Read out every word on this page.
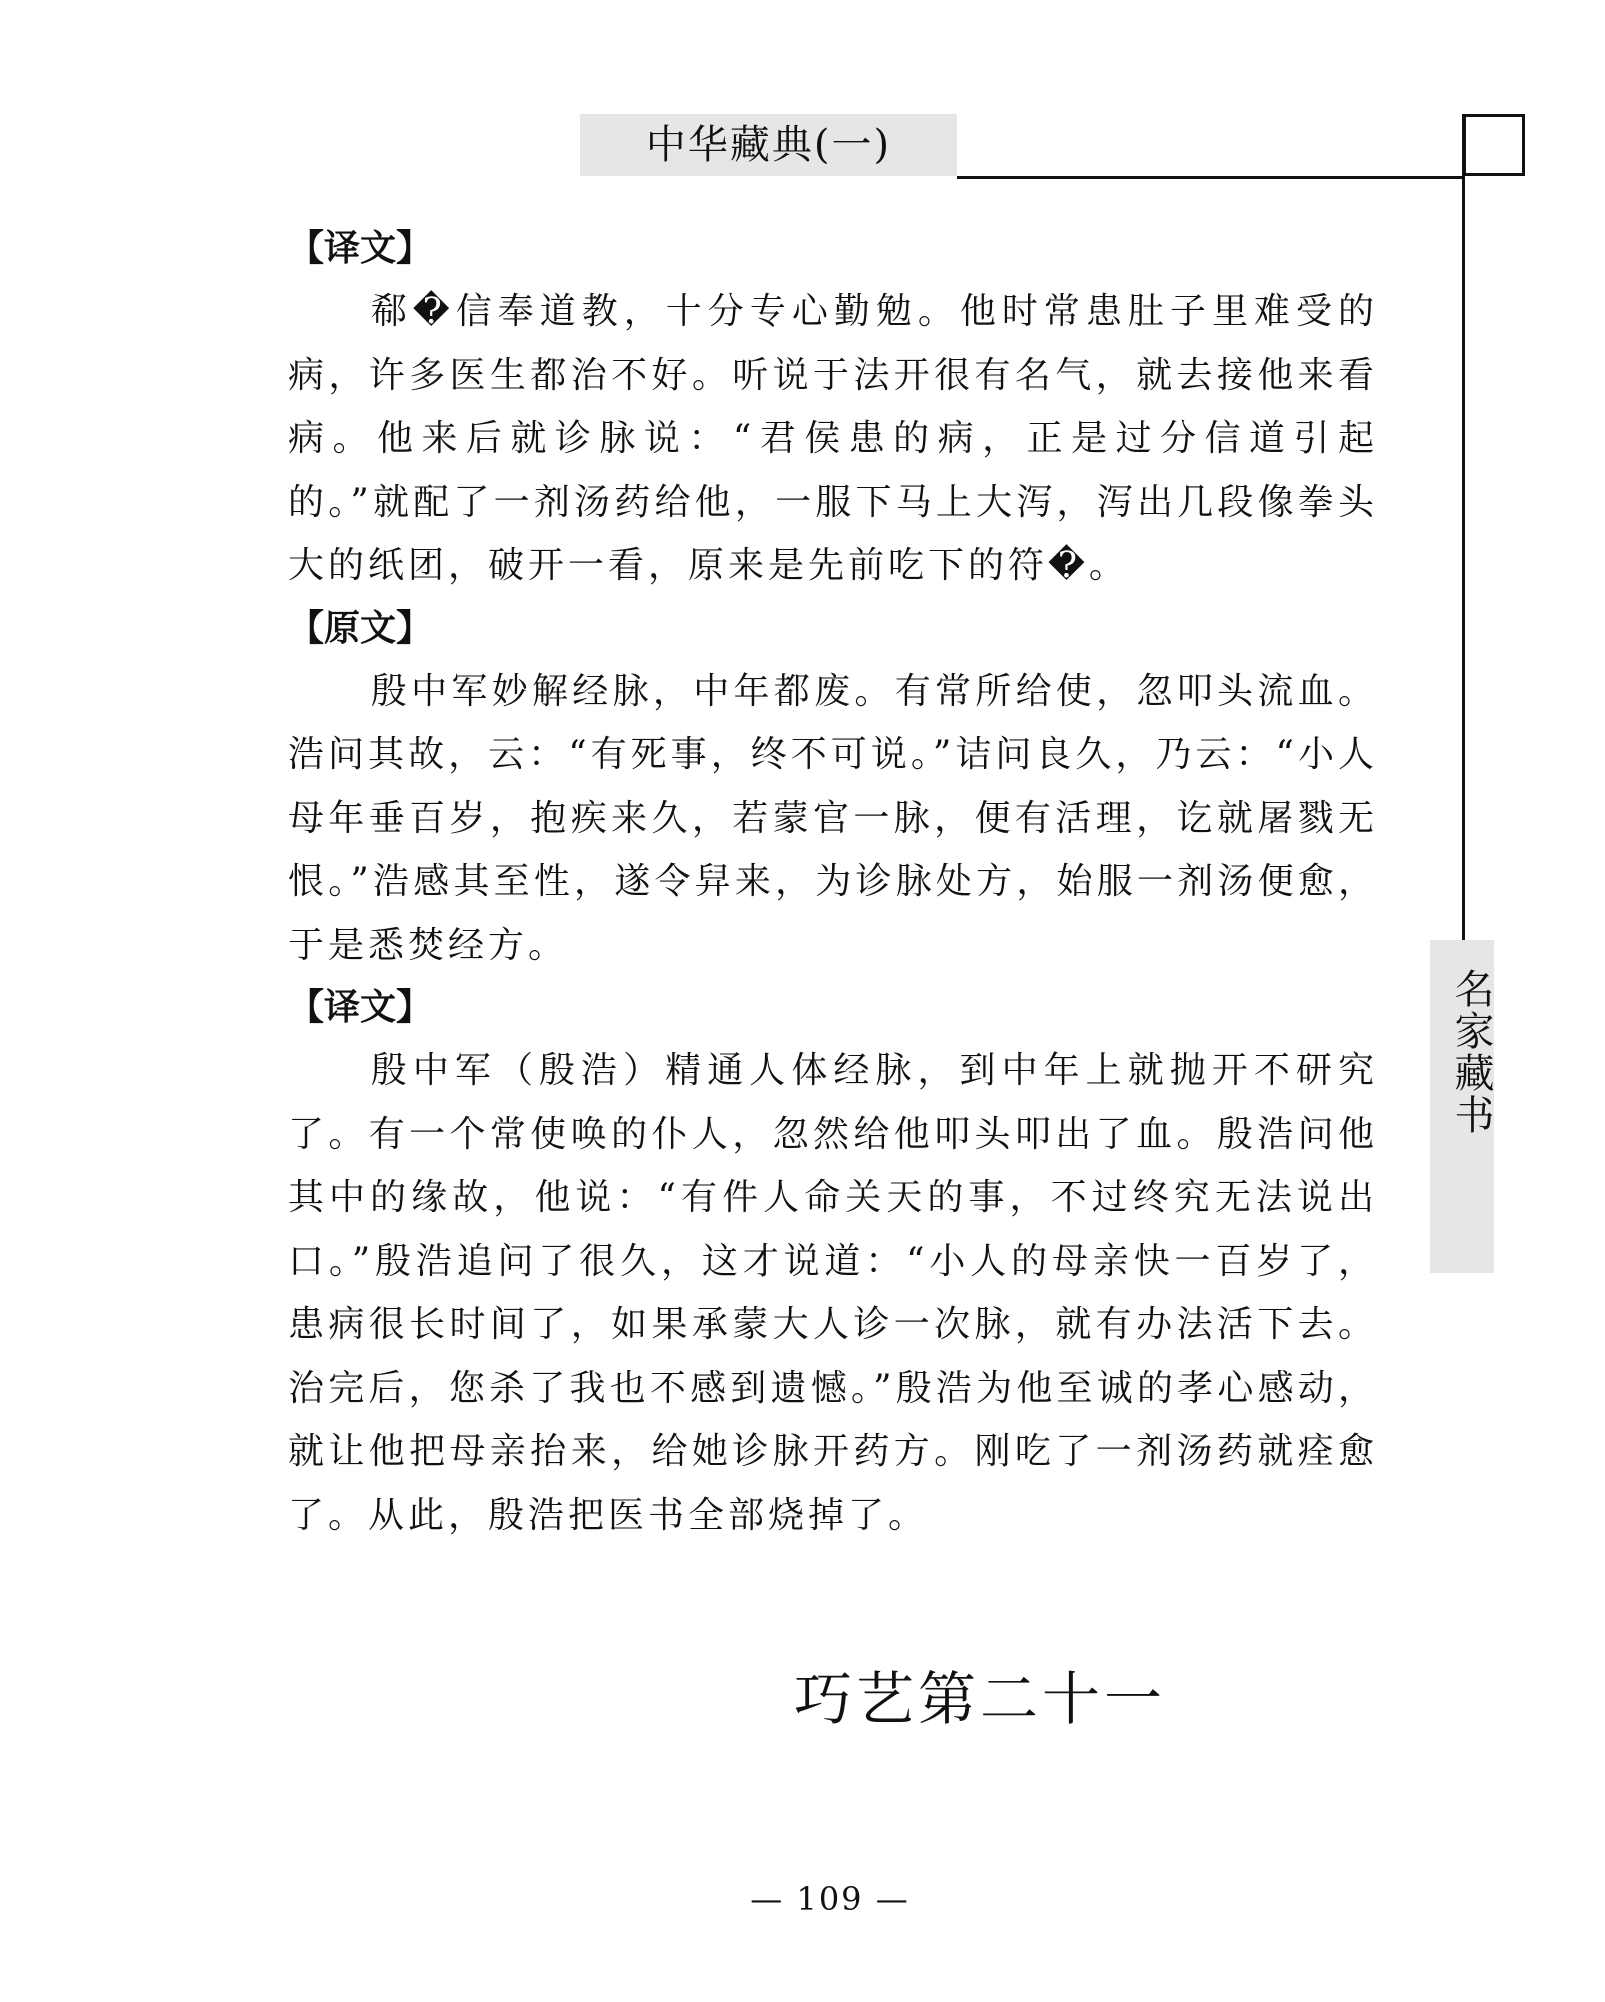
中华藏典(一)
名家藏书
【译文】

郗�信奉道教，十分专心勤勉。他时常患肚子里难受的病，许多医生都治不好。听说于法开很有名气，就去接他来看病。他来后就诊脉说：“君侯患的病，正是过分信道引起的。”就配了一剂汤药给他，一服下马上大泻，泻出几段像拳头大的纸团，破开一看，原来是先前吃下的符�。

【原文】

殷中军妙解经脉，中年都废。有常所给使，忽叩头流血。浩问其故，云：“有死事，终不可说。”诘问良久，乃云：“小人母年垂百岁，抱疾来久，若蒙官一脉，便有活理，讫就屠戮无恨。”浩感其至性，遂令舁来，为诊脉处方，始服一剂汤便愈，于是悉焚经方。

【译文】

殷中军（殷浩）精通人体经脉，到中年上就抛开不研究了。有一个常使唤的仆人，忽然给他叩头叩出了血。殷浩问他其中的缘故，他说：“有件人命关天的事，不过终究无法说出口。”殷浩追问了很久，这才说道：“小人的母亲快一百岁了，患病很长时间了，如果承蒙大人诊一次脉，就有办法活下去。治完后，您杀了我也不感到遗憾。”殷浩为他至诚的孝心感动，就让他把母亲抬来，给她诊脉开药方。刚吃了一剂汤药就痊愈了。从此，殷浩把医书全部烧掉了。

巧艺第二十一
— 109 —
